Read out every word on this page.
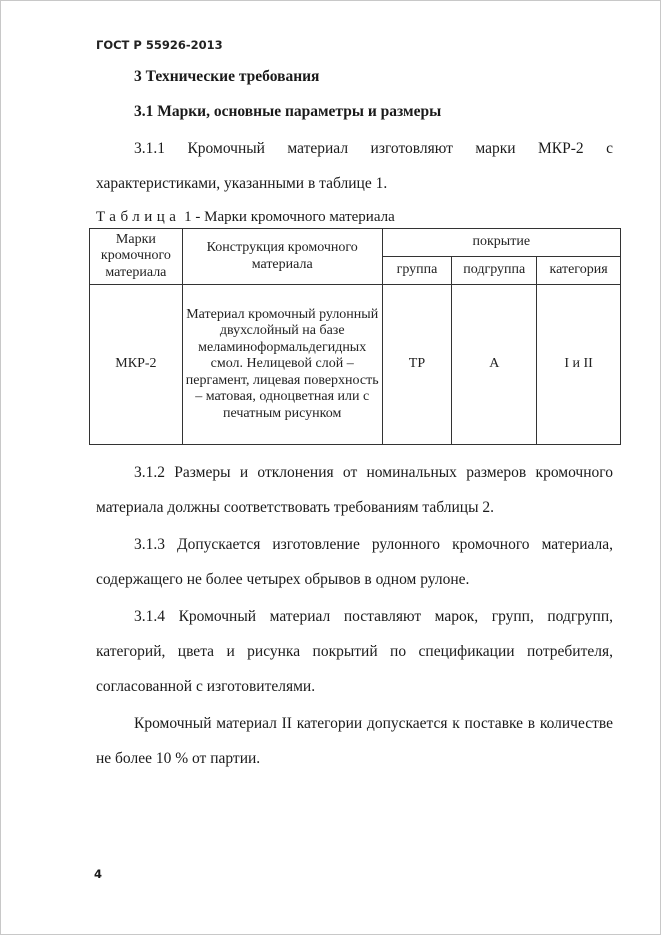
ГОСТ Р 55926-2013
3 Технические требования
3.1 Марки, основные параметры и размеры
3.1.1 Кромочный материал изготовляют марки МКР-2 с
характеристиками, указанными в таблице 1.
Таблица 1 - Марки кромочного материала
Марки кромочного материала	Конструкция кромочного материала	покрытие		
		группа	подгруппа	категория
МКР-2	Материал кромочный рулонный двухслойный на базе меламиноформальдегидных смол. Нелицевой слой – пергамент, лицевая поверхность – матовая, одноцветная или с печатным рисунком	ТР	А	I и II
3.1.2 Размеры и отклонения от номинальных размеров кромочного
материала должны соответствовать требованиям таблицы 2.
3.1.3 Допускается изготовление рулонного кромочного материала,
содержащего не более четырех обрывов в одном рулоне.
3.1.4 Кромочный материал поставляют марок, групп, подгрупп,
категорий, цвета и рисунка покрытий по спецификации потребителя,
согласованной с изготовителями.
Кромочный материал II категории допускается к поставке в количестве
не более 10 % от партии.
4
